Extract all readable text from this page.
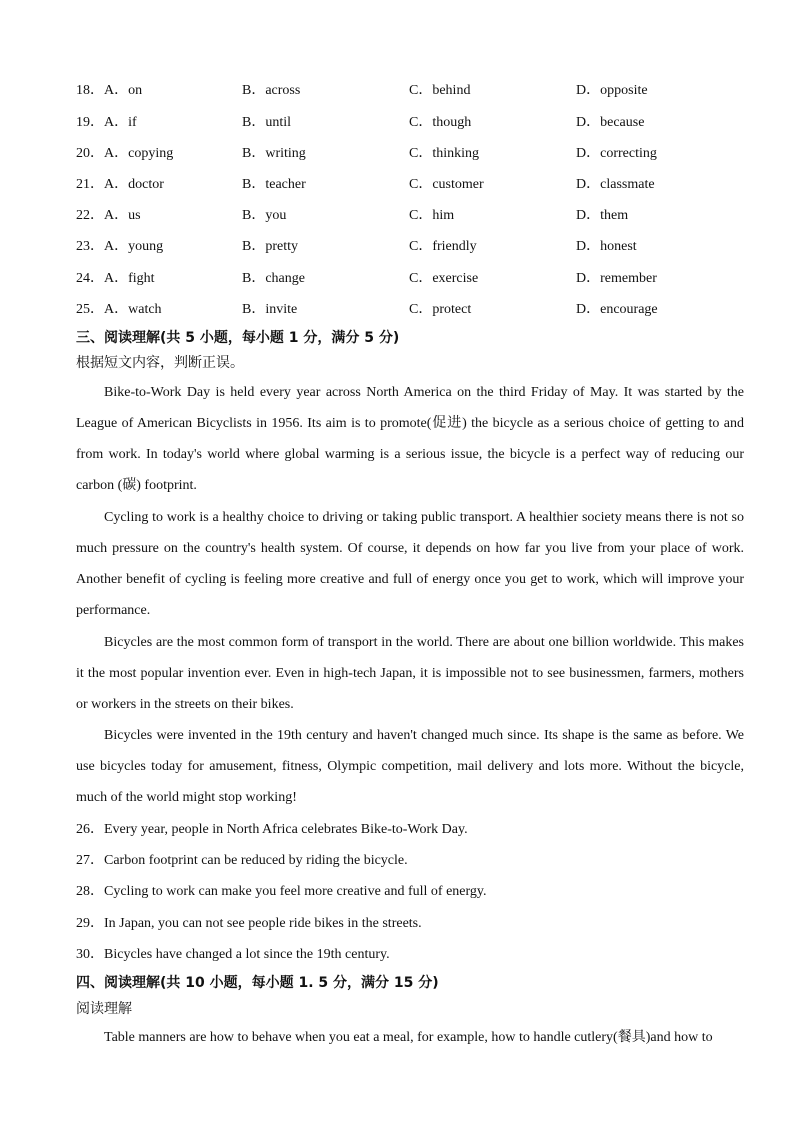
18．A．on	B．across	C．behind	D．opposite
19．A．if	B．until	C．though	D．because
20．A．copying	B．writing	C．thinking	D．correcting
21．A．doctor	B．teacher	C．customer	D．classmate
22．A．us	B．you	C．him	D．them
23．A．young	B．pretty	C．friendly	D．honest
24．A．fight	B．change	C．exercise	D．remember
25．A．watch	B．invite	C．protect	D．encourage
三、阅读理解(共 5 小题，每小题 1 分，满分 5 分)
根据短文内容，判断正误。

Bike-to-Work Day is held every year across North America on the third Friday of May. It was started by the League of American Bicyclists in 1956. Its aim is to promote(促进) the bicycle as a serious choice of getting to and from work. In today's world where global warming is a serious issue, the bicycle is a perfect way of reducing our carbon (碳) footprint.

Cycling to work is a healthy choice to driving or taking public transport. A healthier society means there is not so much pressure on the country's health system. Of course, it depends on how far you live from your place of work. Another benefit of cycling is feeling more creative and full of energy once you get to work, which will improve your performance.

Bicycles are the most common form of transport in the world. There are about one billion worldwide. This makes it the most popular invention ever. Even in high-tech Japan, it is impossible not to see businessmen, farmers, mothers or workers in the streets on their bikes.

Bicycles were invented in the 19th century and haven't changed much since. Its shape is the same as before. We use bicycles today for amusement, fitness, Olympic competition, mail delivery and lots more. Without the bicycle, much of the world might stop working!

26．Every year, people in North Africa celebrates Bike-to-Work Day.
27．Carbon footprint can be reduced by riding the bicycle.
28．Cycling to work can make you feel more creative and full of energy.
29．In Japan, you can not see people ride bikes in the streets.
30．Bicycles have changed a lot since the 19th century.
四、阅读理解(共 10 小题，每小题 1. 5 分，满分 15 分)
阅读理解

Table manners are how to behave when you eat a meal, for example, how to handle cutlery(餐具)and how to
